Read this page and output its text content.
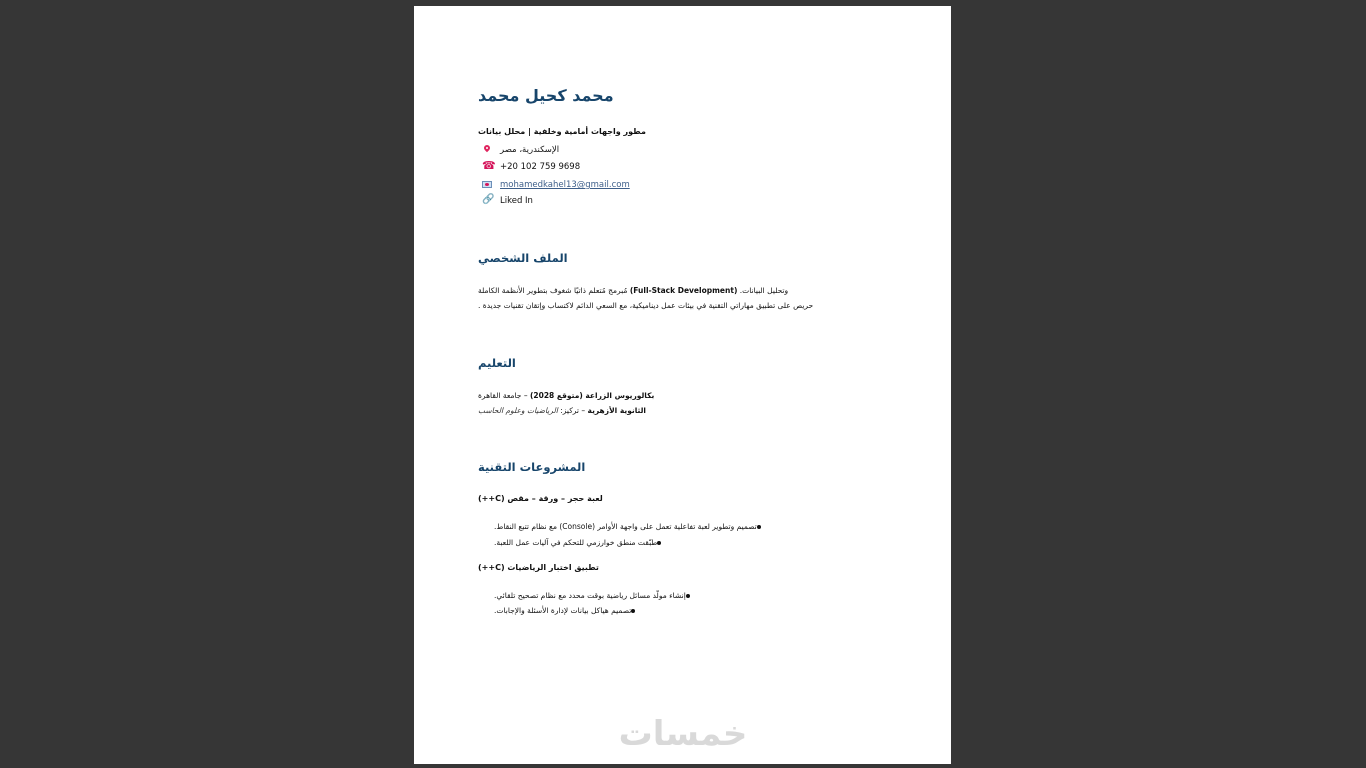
محمد كحيل محمد
مطور واجهات أمامية وخلفية | محلل بيانات
الإسكندرية، مصر
☎
+20 102 759 9698
mohamedkahel13@gmail.com
🔗
Liked In
الملف الشخصي
وتحليل البيانات. (Full-Stack Development) مُبرمج مُتعلم ذاتيًا شغوف بتطوير الأنظمة الكاملة
حريص على تطبيق مهاراتي التقنية في بيئات عمل ديناميكية، مع السعي الدائم لاكتساب وإتقان تقنيات جديدة .
التعليم
بكالوريوس الزراعة (متوقع 2028) – جامعة القاهرة
الثانوية الأزهرية – تركيز: الرياضيات وعلوم الحاسب
المشروعات التقنية
لعبة حجر – ورقة – مقص (C++)
تصميم وتطوير لعبة تفاعلية تعمل على واجهة الأوامر (Console) مع نظام تتبع النقاط.
طبّقت منطق خوارزمي للتحكم في آليات عمل اللعبة.
تطبيق اختبار الرياضيات (C++)
إنشاء مولّد مسائل رياضية بوقت محدد مع نظام تصحيح تلقائي.
تصميم هياكل بيانات لإدارة الأسئلة والإجابات.
خمسات
